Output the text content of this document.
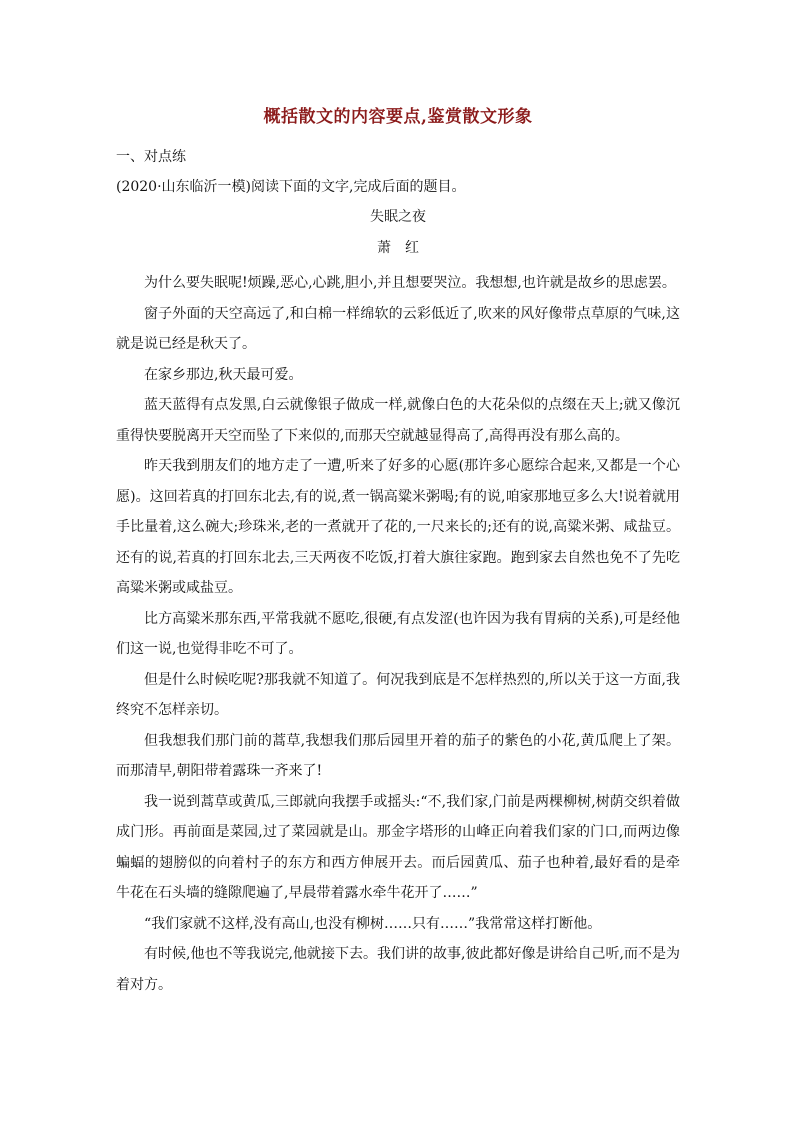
概括散文的内容要点,鉴赏散文形象

一、对点练

(2020·山东临沂一模)阅读下面的文字,完成后面的题目。

失眠之夜

萧红

为什么要失眠呢!烦躁,恶心,心跳,胆小,并且想要哭泣。我想想,也许就是故乡的思虑罢。

窗子外面的天空高远了,和白棉一样绵软的云彩低近了,吹来的风好像带点草原的气味,这就是说已经是秋天了。

在家乡那边,秋天最可爱。

蓝天蓝得有点发黑,白云就像银子做成一样,就像白色的大花朵似的点缀在天上;就又像沉重得快要脱离开天空而坠了下来似的,而那天空就越显得高了,高得再没有那么高的。

昨天我到朋友们的地方走了一遭,听来了好多的心愿(那许多心愿综合起来,又都是一个心愿)。这回若真的打回东北去,有的说,煮一锅高粱米粥喝;有的说,咱家那地豆多么大!说着就用手比量着,这么碗大;珍珠米,老的一煮就开了花的,一尺来长的;还有的说,高粱米粥、咸盐豆。还有的说,若真的打回东北去,三天两夜不吃饭,打着大旗往家跑。跑到家去自然也免不了先吃高粱米粥或咸盐豆。

比方高粱米那东西,平常我就不愿吃,很硬,有点发涩(也许因为我有胃病的关系),可是经他们这一说,也觉得非吃不可了。

但是什么时候吃呢?那我就不知道了。何况我到底是不怎样热烈的,所以关于这一方面,我终究不怎样亲切。

但我想我们那门前的蒿草,我想我们那后园里开着的茄子的紫色的小花,黄瓜爬上了架。而那清早,朝阳带着露珠一齐来了!

我一说到蒿草或黄瓜,三郎就向我摆手或摇头:“不,我们家,门前是两棵柳树,树荫交织着做成门形。再前面是菜园,过了菜园就是山。那金字塔形的山峰正向着我们家的门口,而两边像蝙蝠的翅膀似的向着村子的东方和西方伸展开去。而后园黄瓜、茄子也种着,最好看的是牵牛花在石头墙的缝隙爬遍了,早晨带着露水牵牛花开了……”

“我们家就不这样,没有高山,也没有柳树……只有……”我常常这样打断他。

有时候,他也不等我说完,他就接下去。我们讲的故事,彼此都好像是讲给自己听,而不是为着对方。
